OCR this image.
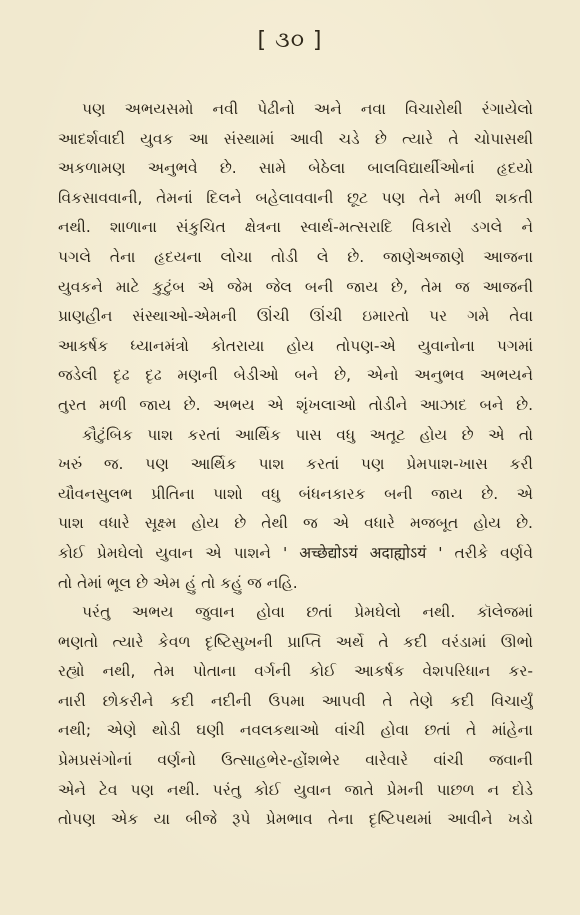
[ ૩૦ ]
પણ અભયસમો નવી પેઢીનો અને નવા વિચારોથી રંગાયેલો
આદર્શવાદી યુવક આ સંસ્થામાં આવી ચડે છે ત્યારે તે ચોપાસથી
અકળામણ અનુભવે છે. સામે બેઠેલા બાલવિદ્યાર્થીઓનાં હૃદયો
વિકસાવવાની, તેમનાં દિલને બહેલાવવાની છૂટ પણ તેને મળી શકતી
નથી. શાળાના સંકુચિત ક્ષેત્રના સ્વાર્થ-મત્સરાદિ વિકારો ડગલે ને
પગલે તેના હૃદયના લોચા તોડી લે છે. જાણેઅજાણે આજના
યુવકને માટે કુટુંબ એ જેમ જેલ બની જાય છે, તેમ જ આજની
પ્રાણહીન સંસ્થાઓ-એમની ઊંચી ઊંચી ઇમારતો પર ગમે તેવા
આકર્ષક ધ્યાનમંત્રો કોતરાયા હોય તોપણ-એ યુવાનોના પગમાં
જડેલી દૃઢ દૃઢ મણની બેડીઓ બને છે, એનો અનુભવ અભયને
તુરત મળી જાય છે. અભય એ શૃંખલાઓ તોડીને આઝાદ બને છે.
કૌટુંબિક પાશ કરતાં આર્થિક પાસ વધુ અતૂટ હોય છે એ તો
ખરું જ. પણ આર્થિક પાશ કરતાં પણ પ્રેમપાશ-ખાસ કરી
યૌવનસુલભ પ્રીતિના પાશો વધુ બંધનકારક બની જાય છે. એ
પાશ વધારે સૂક્ષ્મ હોય છે તેથી જ એ વધારે મજબૂત હોય છે.
કોઈ પ્રેમઘેલો યુવાન એ પાશને ' अच्छेद्योऽयं अदाह्योऽयं ' તરીકે વર્ણવે
તો તેમાં ભૂલ છે એમ હું તો કહું જ નહિ.
પરંતુ અભય જુવાન હોવા છતાં પ્રેમઘેલો નથી. કૉલેજમાં
ભણતો ત્યારે કેવળ દૃષ્ટિસુખની પ્રાપ્તિ અર્થે તે કદી વરંડામાં ઊભો
રહ્યો નથી, તેમ પોતાના વર્ગની કોઈ આકર્ષક વેશપરિધાન કર-
નારી છોકરીને કદી નદીની ઉપમા આપવી તે તેણે કદી વિચાર્યું
નથી; એણે થોડી ઘણી નવલકથાઓ વાંચી હોવા છતાં તે માંહેના
પ્રેમપ્રસંગોનાં વર્ણનો ઉત્સાહભેર-હોંશભેર વારેવારે વાંચી જવાની
એને ટેવ પણ નથી. પરંતુ કોઈ યુવાન જાતે પ્રેમની પાછળ ન દોડે
તોપણ એક યા બીજે રૂપે પ્રેમભાવ તેના દૃષ્ટિપથમાં આવીને ખડો
